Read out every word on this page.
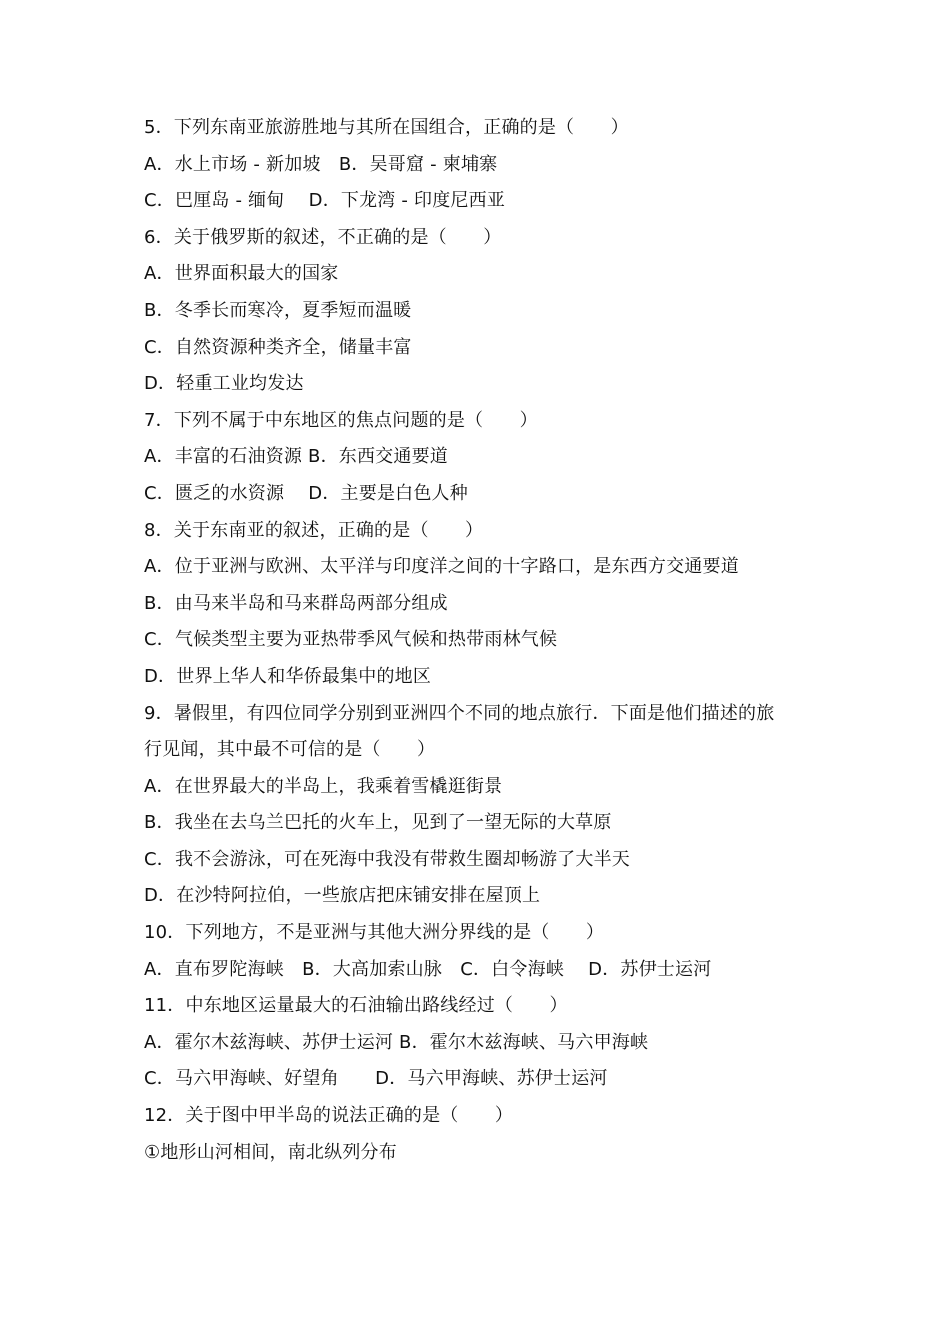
5．下列东南亚旅游胜地与其所在国组合，正确的是（　　）
A．水上市场 - 新加坡　B．吴哥窟 - 柬埔寨
C．巴厘岛 - 缅甸　 D．下龙湾 - 印度尼西亚
6．关于俄罗斯的叙述，不正确的是（　　）
A．世界面积最大的国家
B．冬季长而寒冷，夏季短而温暖
C．自然资源种类齐全，储量丰富
D．轻重工业均发达
7．下列不属于中东地区的焦点问题的是（　　）
A．丰富的石油资源 B．东西交通要道
C．匮乏的水资源　 D．主要是白色人种
8．关于东南亚的叙述，正确的是（　　）
A．位于亚洲与欧洲、太平洋与印度洋之间的十字路口，是东西方交通要道
B．由马来半岛和马来群岛两部分组成
C．气候类型主要为亚热带季风气候和热带雨林气候
D．世界上华人和华侨最集中的地区
9．暑假里，有四位同学分别到亚洲四个不同的地点旅行．下面是他们描述的旅
行见闻，其中最不可信的是（　　）
A．在世界最大的半岛上，我乘着雪橇逛街景
B．我坐在去乌兰巴托的火车上，见到了一望无际的大草原
C．我不会游泳，可在死海中我没有带救生圈却畅游了大半天
D．在沙特阿拉伯，一些旅店把床铺安排在屋顶上
10．下列地方，不是亚洲与其他大洲分界线的是（　　）
A．直布罗陀海峡　B．大高加索山脉　C．白令海峡　 D．苏伊士运河
11．中东地区运量最大的石油输出路线经过（　　）
A．霍尔木兹海峡、苏伊士运河 B．霍尔木兹海峡、马六甲海峡
C．马六甲海峡、好望角　　D．马六甲海峡、苏伊士运河
12．关于图中甲半岛的说法正确的是（　　）
①地形山河相间，南北纵列分布
